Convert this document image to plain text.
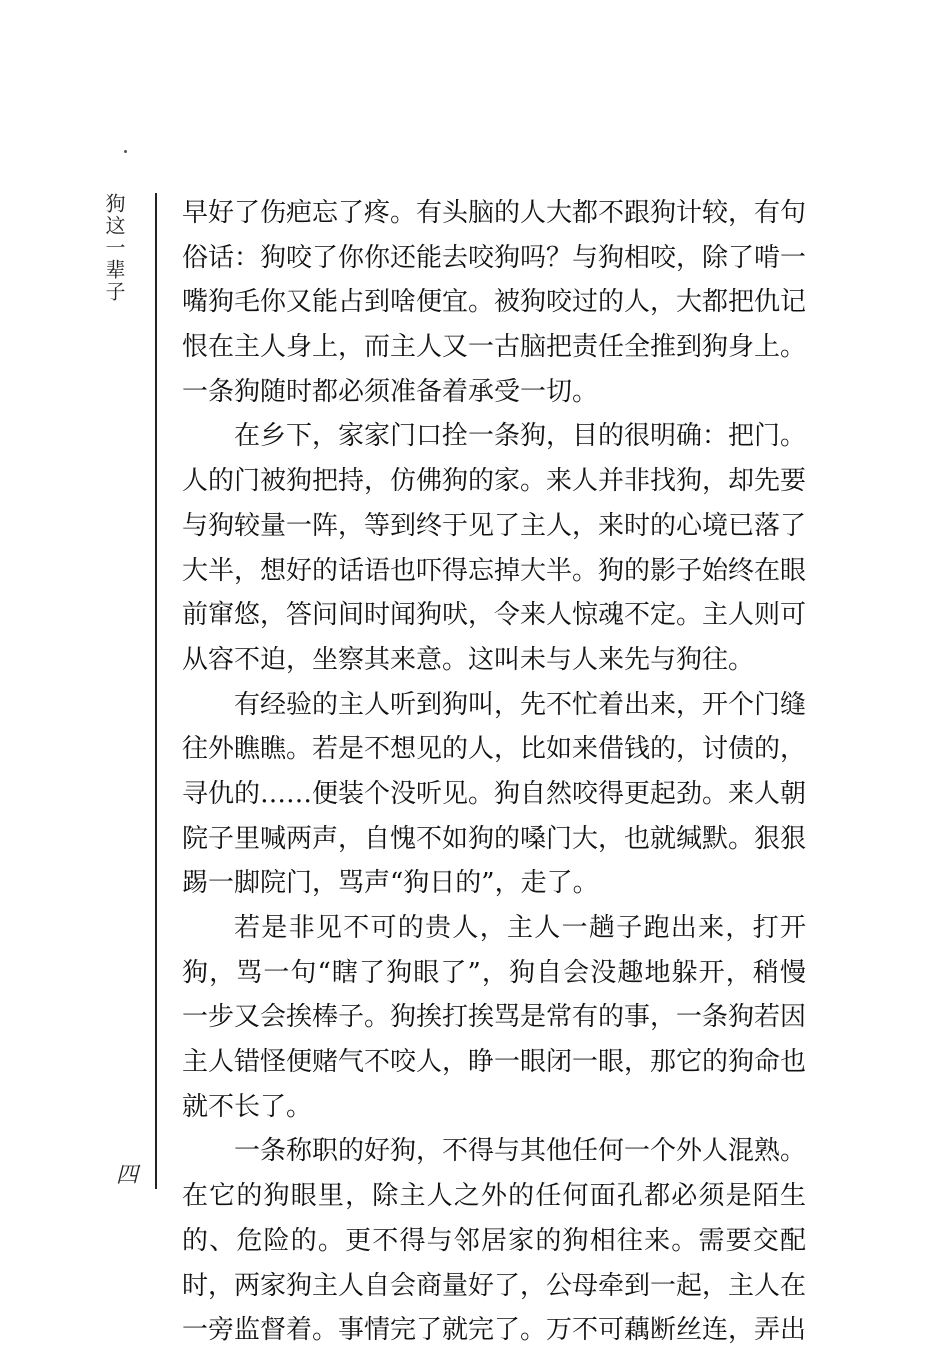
狗这一辈子
四
早好了伤疤忘了疼。有头脑的人大都不跟狗计较，有句
俗话：狗咬了你你还能去咬狗吗？与狗相咬，除了啃一
嘴狗毛你又能占到啥便宜。被狗咬过的人，大都把仇记
恨在主人身上，而主人又一古脑把责任全推到狗身上。
一条狗随时都必须准备着承受一切。
在乡下，家家门口拴一条狗，目的很明确：把门。
人的门被狗把持，仿佛狗的家。来人并非找狗，却先要
与狗较量一阵，等到终于见了主人，来时的心境已落了
大半，想好的话语也吓得忘掉大半。狗的影子始终在眼
前窜悠，答问间时闻狗吠，令来人惊魂不定。主人则可
从容不迫，坐察其来意。这叫未与人来先与狗往。
有经验的主人听到狗叫，先不忙着出来，开个门缝
往外瞧瞧。若是不想见的人，比如来借钱的，讨债的，
寻仇的……便装个没听见。狗自然咬得更起劲。来人朝
院子里喊两声，自愧不如狗的嗓门大，也就缄默。狠狠
踢一脚院门，骂声“狗日的”，走了。
若是非见不可的贵人，主人一趟子跑出来，打开
狗，骂一句“瞎了狗眼了”，狗自会没趣地躲开，稍慢
一步又会挨棒子。狗挨打挨骂是常有的事，一条狗若因
主人错怪便赌气不咬人，睁一眼闭一眼，那它的狗命也
就不长了。
一条称职的好狗，不得与其他任何一个外人混熟。
在它的狗眼里，除主人之外的任何面孔都必须是陌生
的、危险的。更不得与邻居家的狗相往来。需要交配
时，两家狗主人自会商量好了，公母牵到一起，主人在
一旁监督着。事情完了就完了。万不可藕断丝连，弄出
